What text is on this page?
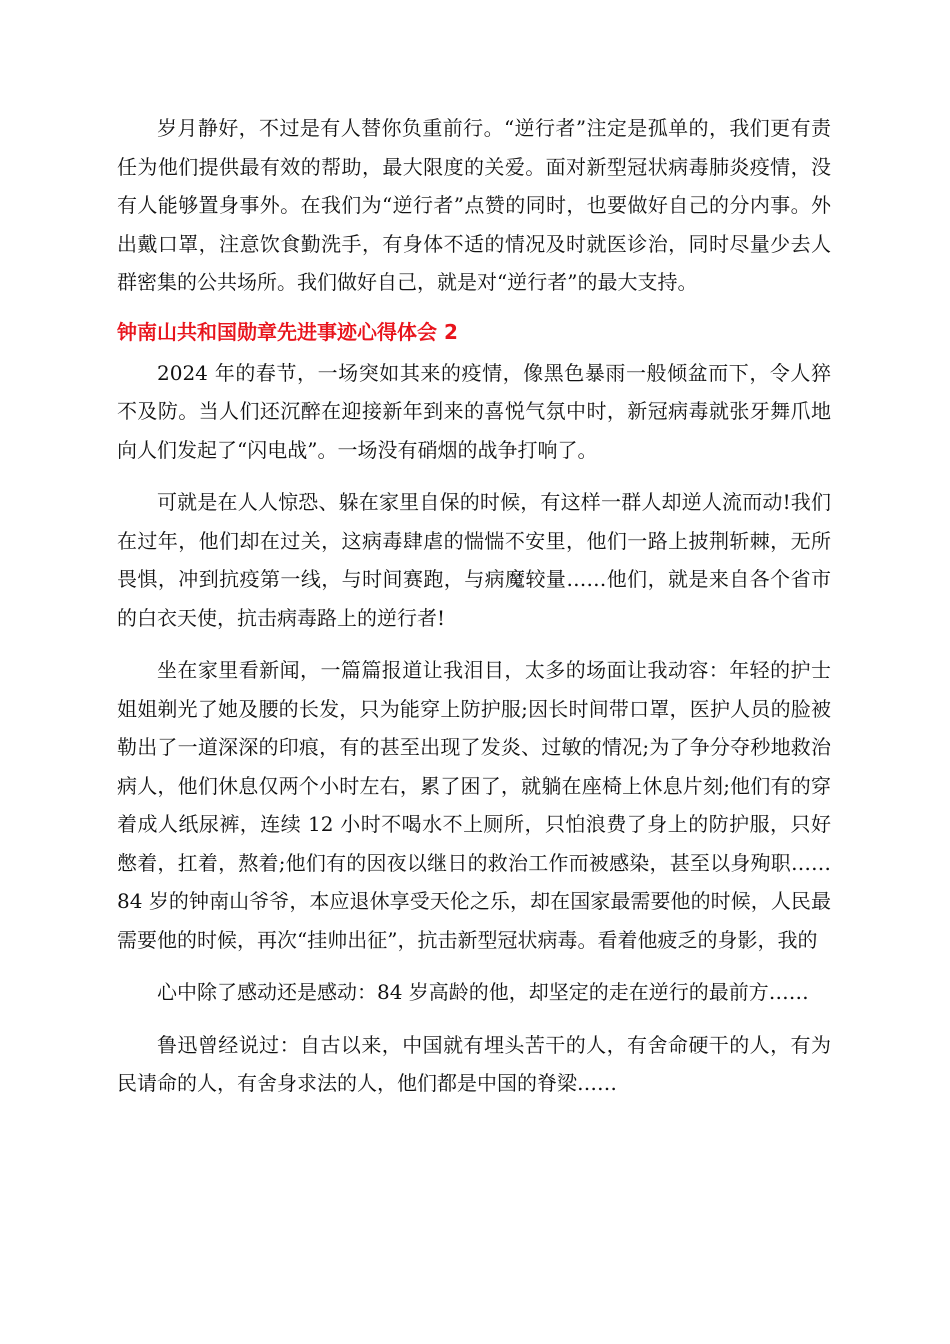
岁月静好，不过是有人替你负重前行。“逆行者”注定是孤单的，我们更有责任为他们提供最有效的帮助，最大限度的关爱。面对新型冠状病毒肺炎疫情，没有人能够置身事外。在我们为“逆行者”点赞的同时，也要做好自己的分内事。外出戴口罩，注意饮食勤洗手，有身体不适的情况及时就医诊治，同时尽量少去人群密集的公共场所。我们做好自己，就是对“逆行者”的最大支持。

钟南山共和国勋章先进事迹心得体会 2

2024 年的春节，一场突如其来的疫情，像黑色暴雨一般倾盆而下，令人猝不及防。当人们还沉醉在迎接新年到来的喜悦气氛中时，新冠病毒就张牙舞爪地向人们发起了“闪电战”。一场没有硝烟的战争打响了。

可就是在人人惊恐、躲在家里自保的时候，有这样一群人却逆人流而动!我们在过年，他们却在过关，这病毒肆虐的惴惴不安里，他们一路上披荆斩棘，无所畏惧，冲到抗疫第一线，与时间赛跑，与病魔较量……他们，就是来自各个省市的白衣天使，抗击病毒路上的逆行者!

坐在家里看新闻，一篇篇报道让我泪目，太多的场面让我动容：年轻的护士姐姐剃光了她及腰的长发，只为能穿上防护服;因长时间带口罩，医护人员的脸被勒出了一道深深的印痕，有的甚至出现了发炎、过敏的情况;为了争分夺秒地救治病人，他们休息仅两个小时左右，累了困了，就躺在座椅上休息片刻;他们有的穿着成人纸尿裤，连续 12 小时不喝水不上厕所，只怕浪费了身上的防护服，只好憋着，扛着，熬着;他们有的因夜以继日的救治工作而被感染，甚至以身殉职……84 岁的钟南山爷爷，本应退休享受天伦之乐，却在国家最需要他的时候，人民最需要他的时候，再次“挂帅出征”，抗击新型冠状病毒。看着他疲乏的身影，我的

心中除了感动还是感动：84 岁高龄的他，却坚定的走在逆行的最前方……

鲁迅曾经说过：自古以来，中国就有埋头苦干的人，有舍命硬干的人，有为民请命的人，有舍身求法的人，他们都是中国的脊梁……
